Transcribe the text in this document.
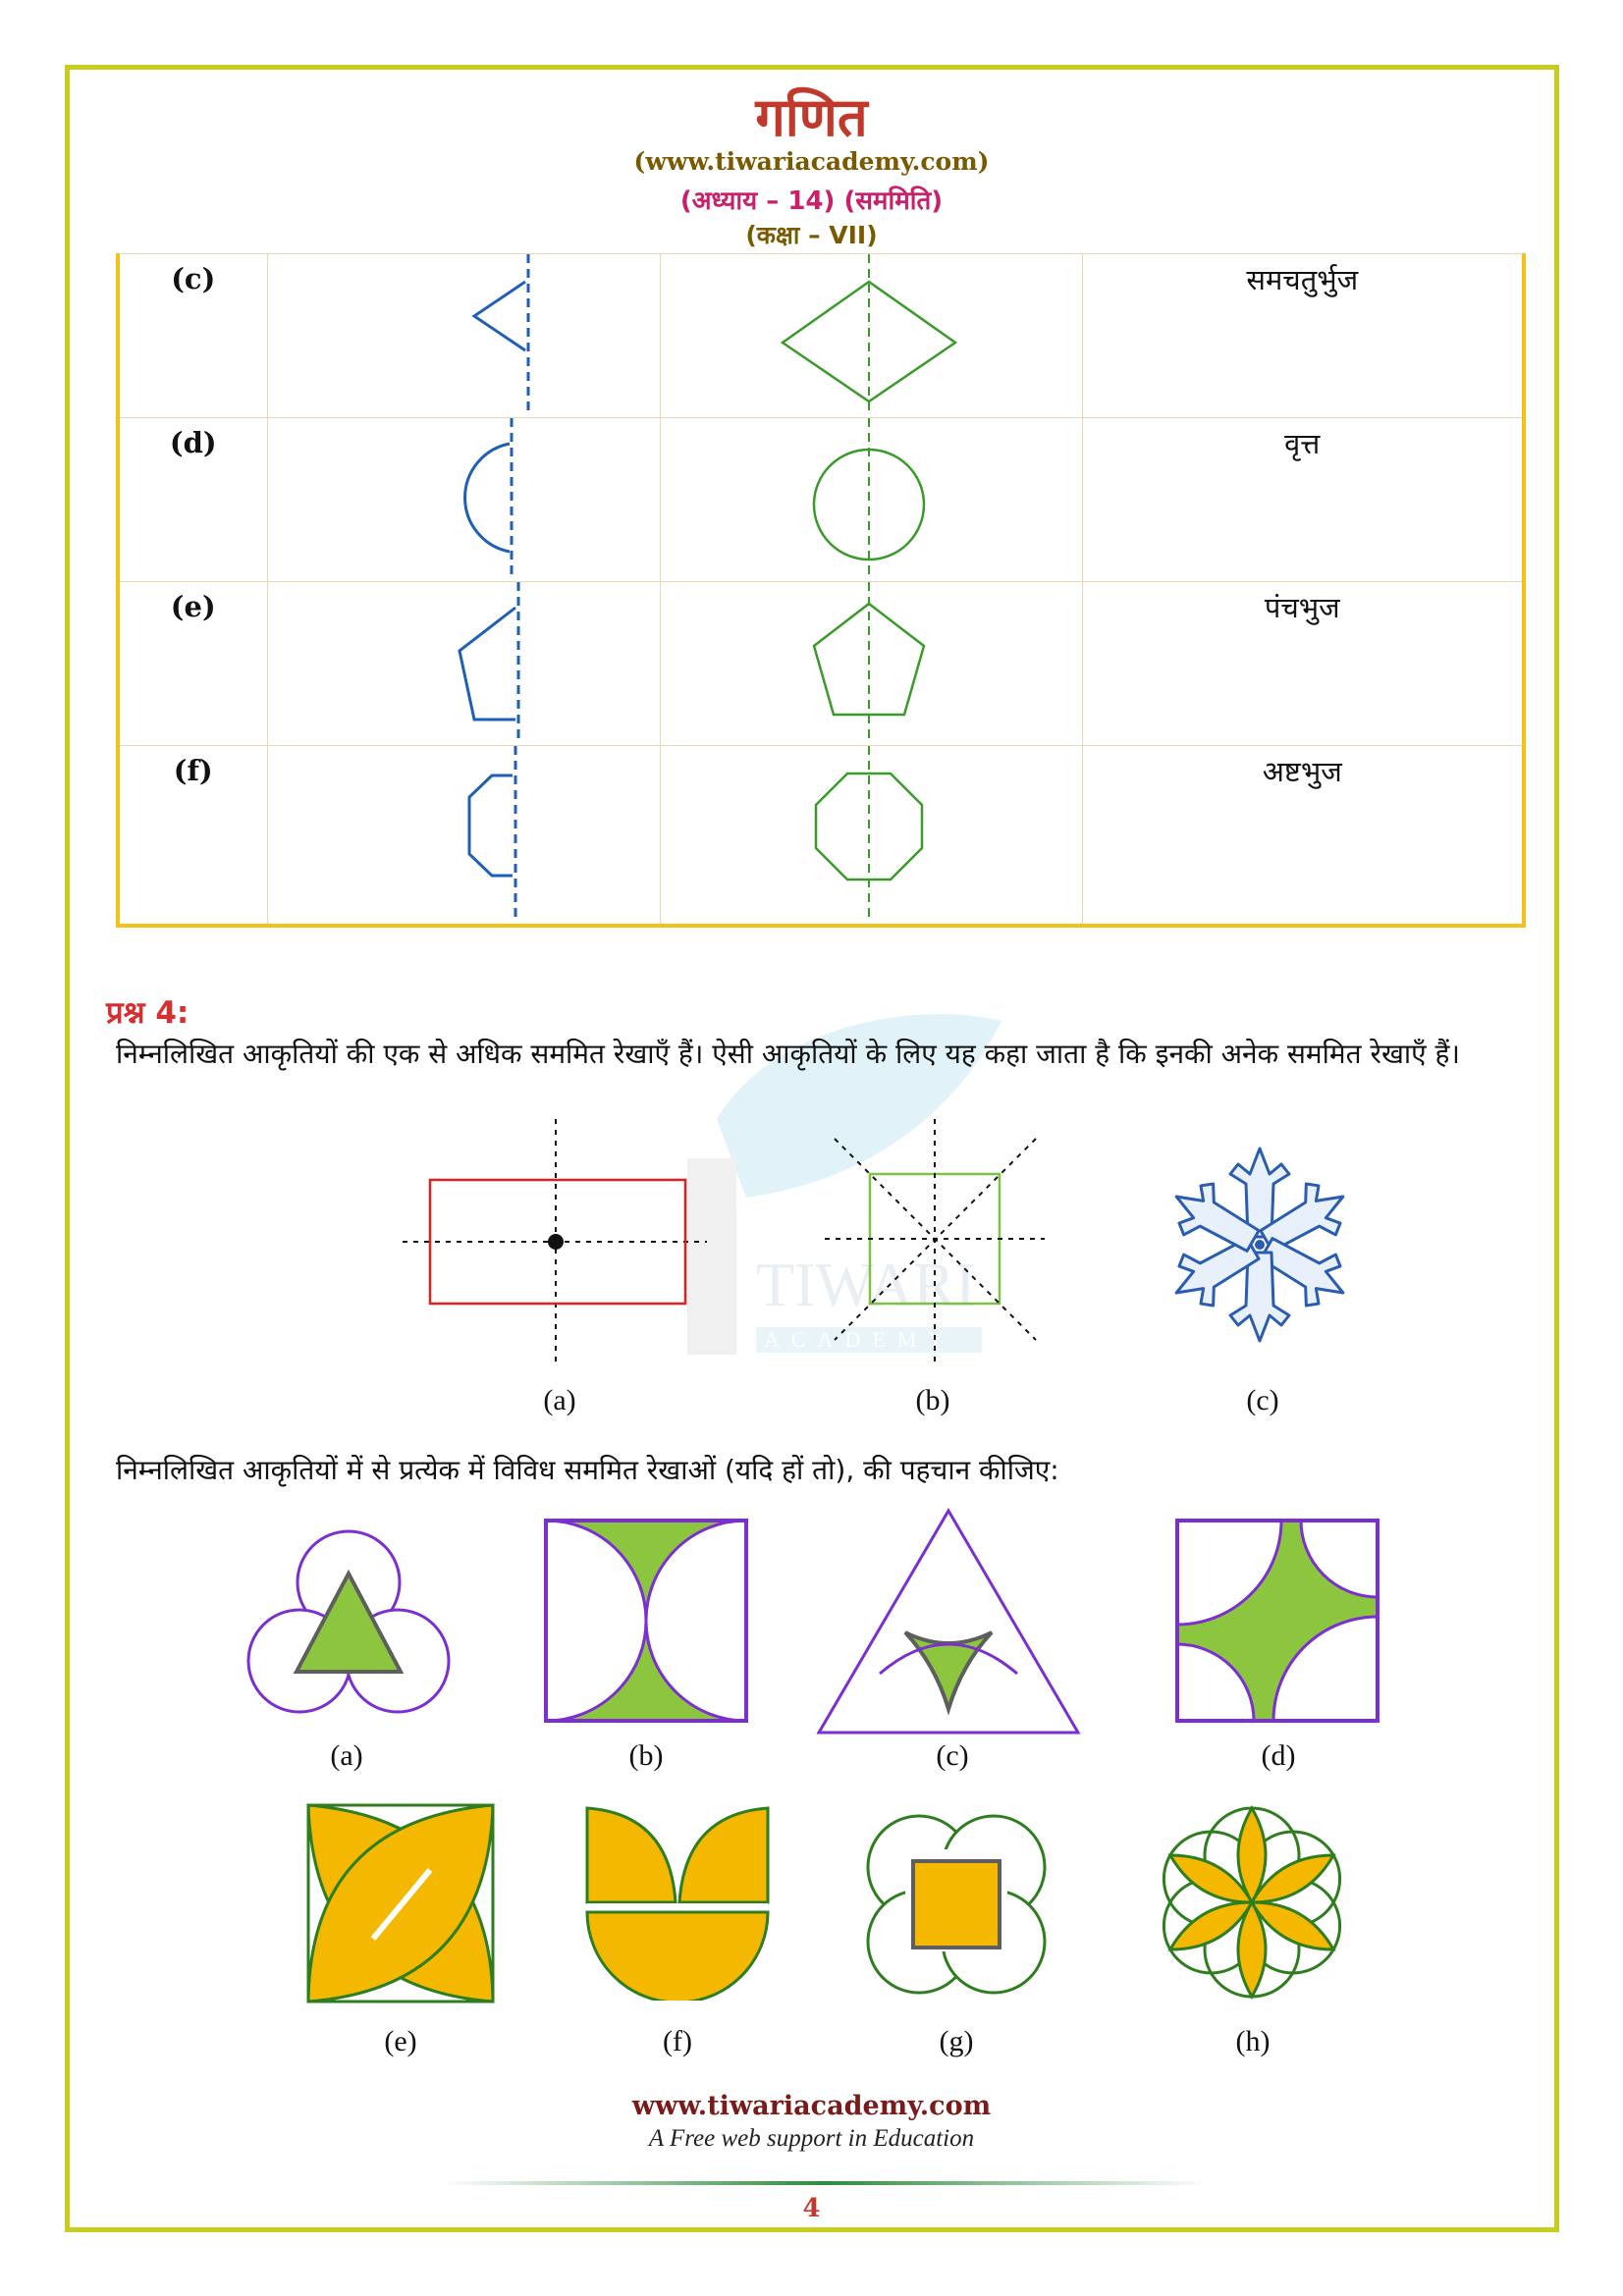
गणित
(www.tiwariacademy.com)
(अध्याय – 14) (सममिति)
(कक्षा – VII)
(c)			समचतुर्भुज
(d)			वृत्त
(e)			पंचभुज
(f)			अष्टभुज
TIWARI
ACADEMY
प्रश्न 4:
निम्नलिखित आकृतियों की एक से अधिक सममित रेखाएँ हैं। ऐसी आकृतियों के लिए यह कहा जाता है कि इनकी अनेक सममित रेखाएँ हैं।
(a)	(b)	(c)
निम्नलिखित आकृतियों में से प्रत्येक में विविध सममित रेखाओं (यदि हों तो), की पहचान कीजिए:
(a)	(b)	(c)	(d)
(e)	(f)	(g)	(h)
www.tiwariacademy.com
A Free web support in Education
4
